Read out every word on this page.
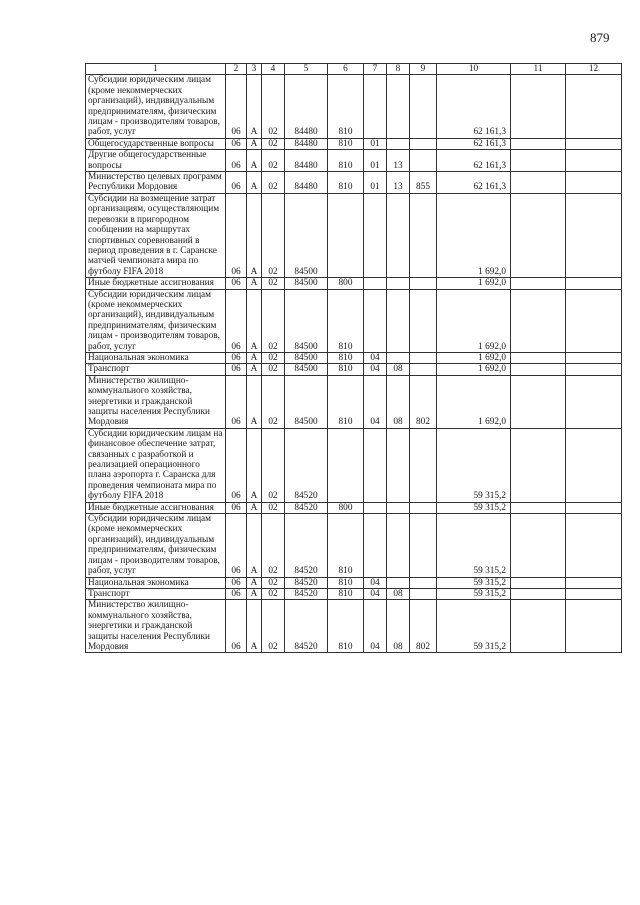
879
1	2	3	4	5	6	7	8	9	10	11	12
Субсидии юридическим лицам (кроме некоммерческих организаций), индивидуальным предпринимателям, физическим лицам - производителям товаров, работ, услуг	06	А	02	84480	810				62 161,3		
Общегосударственные вопросы	06	А	02	84480	810	01			62 161,3		
Другие общегосударственные вопросы	06	А	02	84480	810	01	13		62 161,3		
Министерство целевых программ Республики Мордовия	06	А	02	84480	810	01	13	855	62 161,3		
Субсидии на возмещение затрат организациям, осуществляющим перевозки в пригородном сообщении на маршрутах спортивных соревнований в период проведения в г. Саранске матчей чемпионата мира по футболу FIFA 2018	06	А	02	84500					1 692,0		
Иные бюджетные ассигнования	06	А	02	84500	800				1 692,0		
Субсидии юридическим лицам (кроме некоммерческих организаций), индивидуальным предпринимателям, физическим лицам - производителям товаров, работ, услуг	06	А	02	84500	810				1 692,0		
Национальная экономика	06	А	02	84500	810	04			1 692,0		
Транспорт	06	А	02	84500	810	04	08		1 692,0		
Министерство жилищно-коммунального хозяйства, энергетики и гражданской защиты населения Республики Мордовия	06	А	02	84500	810	04	08	802	1 692,0		
Субсидии юридическим лицам на финансовое обеспечение затрат, связанных с разработкой и реализацией операционного плана аэропорта г. Саранска для проведения чемпионата мира по футболу FIFA 2018	06	А	02	84520					59 315,2		
Иные бюджетные ассигнования	06	А	02	84520	800				59 315,2		
Субсидии юридическим лицам (кроме некоммерческих организаций), индивидуальным предпринимателям, физическим лицам - производителям товаров, работ, услуг	06	А	02	84520	810				59 315,2		
Национальная экономика	06	А	02	84520	810	04			59 315,2		
Транспорт	06	А	02	84520	810	04	08		59 315,2		
Министерство жилищно-коммунального хозяйства, энергетики и гражданской защиты населения Республики Мордовия	06	А	02	84520	810	04	08	802	59 315,2		
